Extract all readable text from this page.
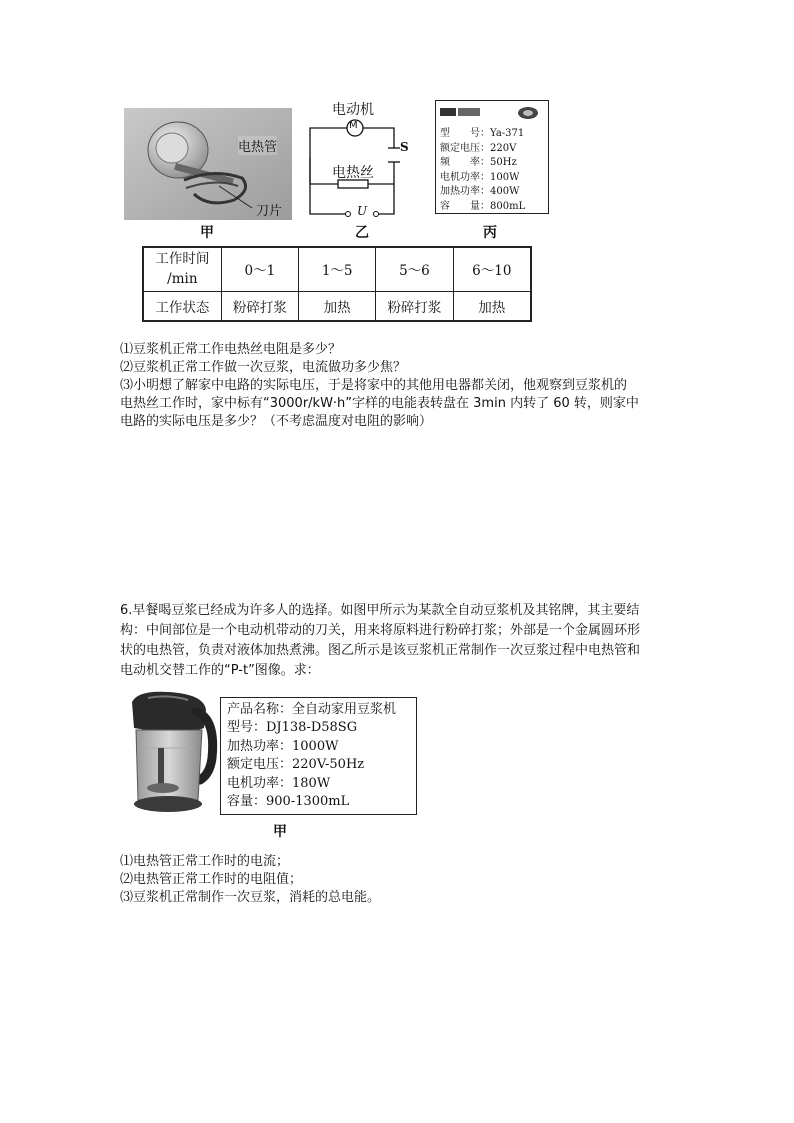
电热管
刀片
甲
电动机
M
S
电热丝
U
乙
型　　号：Ya-371
额定电压：220V
频　　率：50Hz
电机功率：100W
加热功率：400W
容　　量：800mL
丙
工作时间
/min	0～1	1～5	5～6	6～10
工作状态	粉碎打浆	加热	粉碎打浆	加热
⑴豆浆机正常工作电热丝电阻是多少？
⑵豆浆机正常工作做一次豆浆，电流做功多少焦？
⑶小明想了解家中电路的实际电压，于是将家中的其他用电器都关闭，他观察到豆浆机的
电热丝工作时，家中标有“3000r/kW·h”字样的电能表转盘在 3min 内转了 60 转，则家中
电路的实际电压是多少？（不考虑温度对电阻的影响）
6.早餐喝豆浆已经成为许多人的选择。如图甲所示为某款全自动豆浆机及其铭牌，其主要结
构：中间部位是一个电动机带动的刀关，用来将原料进行粉碎打浆；外部是一个金属圆环形
状的电热管，负责对液体加热煮沸。图乙所示是该豆浆机正常制作一次豆浆过程中电热管和
电动机交替工作的“P-t”图像。求：
产品名称：全自动家用豆浆机
型号：DJ138-D58SG
加热功率：1000W
额定电压：220V-50Hz
电机功率：180W
容量：900-1300mL
甲
⑴电热管正常工作时的电流；
⑵电热管正常工作时的电阻值；
⑶豆浆机正常制作一次豆浆，消耗的总电能。
